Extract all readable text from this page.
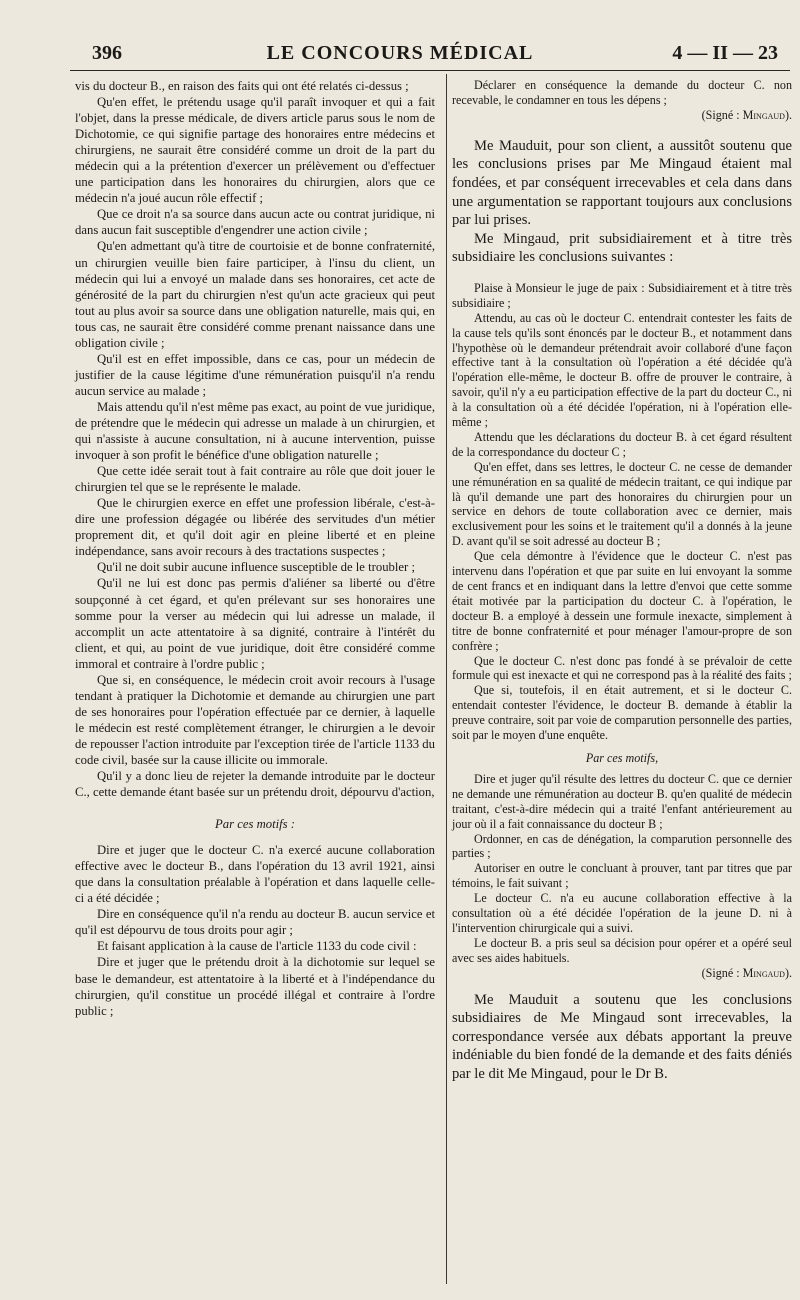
396	LE CONCOURS MÉDICAL	4 — II — 23

vis du docteur B., en raison des faits qui ont été relatés ci-dessus ;

Qu'en effet, le prétendu usage qu'il paraît invoquer et qui a fait l'objet, dans la presse médicale, de divers article parus sous le nom de Dichotomie, ce qui signifie partage des honoraires entre médecins et chirurgiens, ne saurait être considéré comme un droit de la part du médecin qui a la prétention d'exercer un prélèvement ou d'effectuer une participation dans les honoraires du chirurgien, alors que ce médecin n'a joué aucun rôle effectif ;

Que ce droit n'a sa source dans aucun acte ou contrat juridique, ni dans aucun fait susceptible d'engendrer une action civile ;

Qu'en admettant qu'à titre de courtoisie et de bonne confraternité, un chirurgien veuille bien faire participer, à l'insu du client, un médecin qui lui a envoyé un malade dans ses honoraires, cet acte de générosité de la part du chirurgien n'est qu'un acte gracieux qui peut tout au plus avoir sa source dans une obligation naturelle, mais qui, en tous cas, ne saurait être considéré comme prenant naissance dans une obligation civile ;

Qu'il est en effet impossible, dans ce cas, pour un médecin de justifier de la cause légitime d'une rémunération puisqu'il n'a rendu aucun service au malade ;

Mais attendu qu'il n'est même pas exact, au point de vue juridique, de prétendre que le médecin qui adresse un malade à un chirurgien, et qui n'assiste à aucune consultation, ni à aucune intervention, puisse invoquer à son profit le bénéfice d'une obligation naturelle ;

Que cette idée serait tout à fait contraire au rôle que doit jouer le chirurgien tel que se le représente le malade.

Que le chirurgien exerce en effet une profession libérale, c'est-à-dire une profession dégagée ou libérée des servitudes d'un métier proprement dit, et qu'il doit agir en pleine liberté et en pleine indépendance, sans avoir recours à des tractations suspectes ;

Qu'il ne doit subir aucune influence susceptible de le troubler ;

Qu'il ne lui est donc pas permis d'aliéner sa liberté ou d'être soupçonné à cet égard, et qu'en prélevant sur ses honoraires une somme pour la verser au médecin qui lui adresse un malade, il accomplit un acte attentatoire à sa dignité, contraire à l'intérêt du client, et qui, au point de vue juridique, doit être considéré comme immoral et contraire à l'ordre public ;

Que si, en conséquence, le médecin croit avoir recours à l'usage tendant à pratiquer la Dichotomie et demande au chirurgien une part de ses honoraires pour l'opération effectuée par ce dernier, à laquelle le médecin est resté complètement étranger, le chirurgien a le devoir de repousser l'action introduite par l'exception tirée de l'article 1133 du code civil, basée sur la cause illicite ou immorale.

Qu'il y a donc lieu de rejeter la demande introduite par le docteur C., cette demande étant basée sur un prétendu droit, dépourvu d'action,

Par ces motifs :

Dire et juger que le docteur C. n'a exercé aucune collaboration effective avec le docteur B., dans l'opération du 13 avril 1921, ainsi que dans la consultation préalable à l'opération et dans laquelle celle-ci a été décidée ;

Dire en conséquence qu'il n'a rendu au docteur B. aucun service et qu'il est dépourvu de tous droits pour agir ;

Et faisant application à la cause de l'article 1133 du code civil :

Dire et juger que le prétendu droit à la dichotomie sur lequel se base le demandeur, est attentatoire à la liberté et à l'indépendance du chirurgien, qu'il constitue un procédé illégal et contraire à l'ordre public ;

Déclarer en conséquence la demande du docteur C. non recevable, le condamner en tous les dépens ;

(Signé : Mingaud).

Me Mauduit, pour son client, a aussitôt soutenu que les conclusions prises par Me Mingaud étaient mal fondées, et par conséquent irrecevables et cela dans dans une argumentation se rapportant toujours aux conclusions par lui prises.

Me Mingaud, prit subsidiairement et à titre très subsidiaire les conclusions suivantes :

Plaise à Monsieur le juge de paix : Subsidiairement et à titre très subsidiaire ;

Attendu, au cas où le docteur C. entendrait contester les faits de la cause tels qu'ils sont énoncés par le docteur B., et notamment dans l'hypothèse où le demandeur prétendrait avoir collaboré d'une façon effective tant à la consultation où l'opération a été décidée qu'à l'opération elle-même, le docteur B. offre de prouver le contraire, à savoir, qu'il n'y a eu participation effective de la part du docteur C., ni à la consultation où a été décidée l'opération, ni à l'opération elle-même ;

Attendu que les déclarations du docteur B. à cet égard résultent de la correspondance du docteur C ;

Qu'en effet, dans ses lettres, le docteur C. ne cesse de demander une rémunération en sa qualité de médecin traitant, ce qui indique par là qu'il demande une part des honoraires du chirurgien pour un service en dehors de toute collaboration avec ce dernier, mais exclusivement pour les soins et le traitement qu'il a donnés à la jeune D. avant qu'il se soit adressé au docteur B ;

Que cela démontre à l'évidence que le docteur C. n'est pas intervenu dans l'opération et que par suite en lui envoyant la somme de cent francs et en indiquant dans la lettre d'envoi que cette somme était motivée par la participation du docteur C. à l'opération, le docteur B. a employé à dessein une formule inexacte, simplement à titre de bonne confraternité et pour ménager l'amour-propre de son confrère ;

Que le docteur C. n'est donc pas fondé à se prévaloir de cette formule qui est inexacte et qui ne correspond pas à la réalité des faits ;

Que si, toutefois, il en était autrement, et si le docteur C. entendait contester l'évidence, le docteur B. demande à établir la preuve contraire, soit par voie de comparution personnelle des parties, soit par le moyen d'une enquête.

Par ces motifs,

Dire et juger qu'il résulte des lettres du docteur C. que ce dernier ne demande une rémunération au docteur B. qu'en qualité de médecin traitant, c'est-à-dire médecin qui a traité l'enfant antérieurement au jour où il a fait connaissance du docteur B ;

Ordonner, en cas de dénégation, la comparution personnelle des parties ;

Autoriser en outre le concluant à prouver, tant par titres que par témoins, le fait suivant ;

Le docteur C. n'a eu aucune collaboration effective à la consultation où a été décidée l'opération de la jeune D. ni à l'intervention chirurgicale qui a suivi.

Le docteur B. a pris seul sa décision pour opérer et a opéré seul avec ses aides habituels.

(Signé : Mingaud).

Me Mauduit a soutenu que les conclusions subsidiaires de Me Mingaud sont irrecevables, la correspondance versée aux débats apportant la preuve indéniable du bien fondé de la demande et des faits déniés par le dit Me Mingaud, pour le Dr B.
